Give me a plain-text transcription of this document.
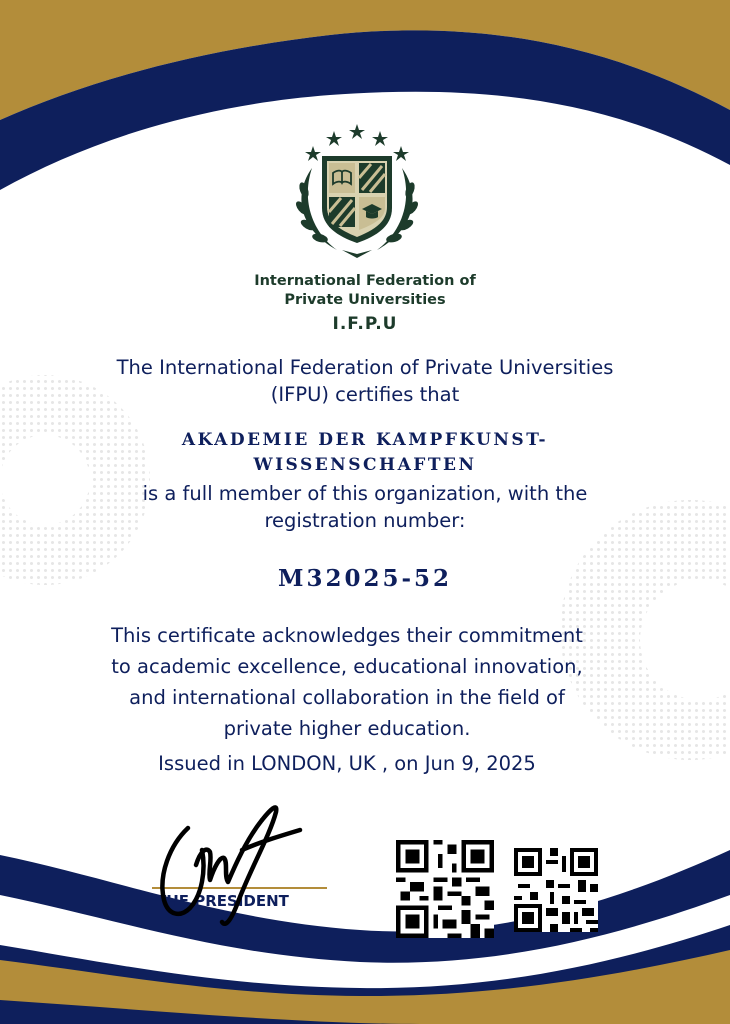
International Federation of
Private Universities
I.F.P.U
The International Federation of Private Universities
(IFPU) certifies that
AKADEMIE DER KAMPFKUNST-
WISSENSCHAFTEN
is a full member of this organization, with the
registration number:
M32025-52
This certificate acknowledges their commitment
to academic excellence, educational innovation,
and international collaboration in the field of
private higher education.
Issued in LONDON, UK , on Jun 9, 2025
THE PRESIDENT
